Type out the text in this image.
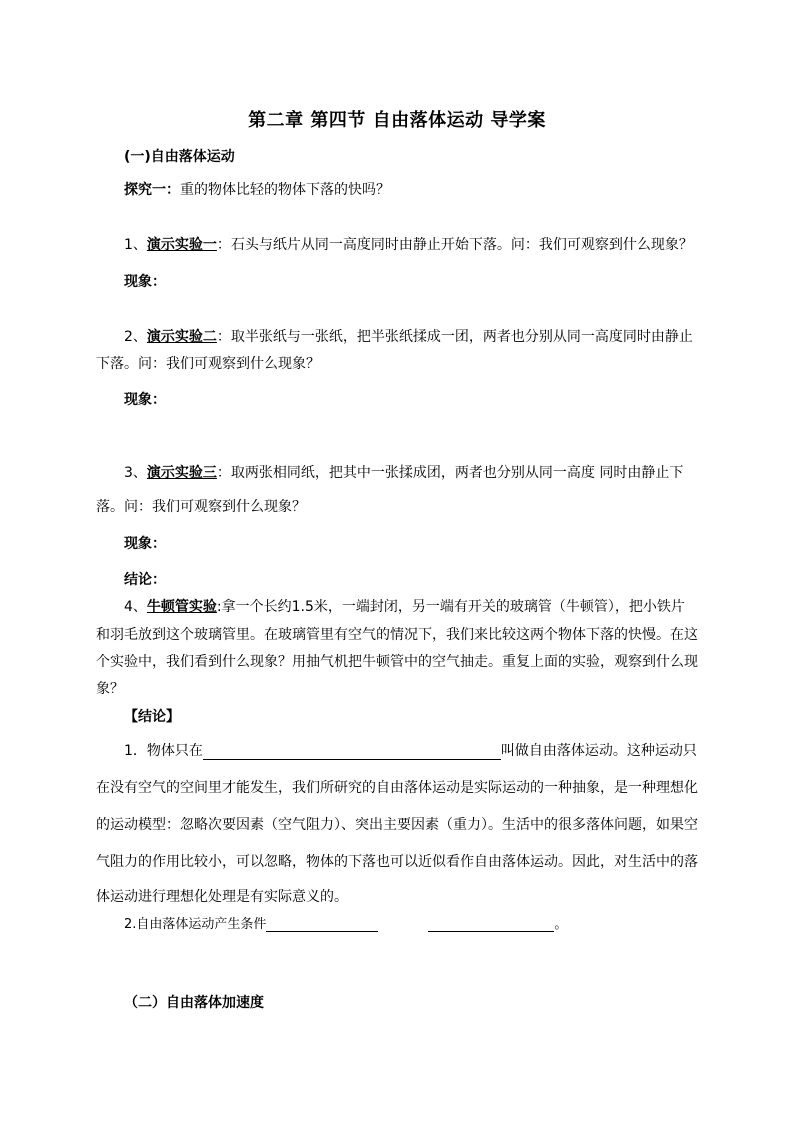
第二章 第四节 自由落体运动 导学案
(一)自由落体运动
探究一：重的物体比轻的物体下落的快吗？
1、演示实验一：石头与纸片从同一高度同时由静止开始下落。问：我们可观察到什么现象？
现象：
2、演示实验二：取半张纸与一张纸，把半张纸揉成一团，两者也分别从同一高度同时由静止
下落。问：我们可观察到什么现象？
现象：
3、演示实验三：取两张相同纸，把其中一张揉成团，两者也分别从同一高度 同时由静止下
落。问：我们可观察到什么现象？
现象：
结论：
4、牛顿管实验:拿一个长约1.5米，一端封闭，另一端有开关的玻璃管（牛顿管），把小铁片
和羽毛放到这个玻璃管里。在玻璃管里有空气的情况下，我们来比较这两个物体下落的快慢。在这
个实验中，我们看到什么现象？用抽气机把牛顿管中的空气抽走。重复上面的实验，观察到什么现
象？
【结论】
1．物体只在	叫做自由落体运动。这种运动只
在没有空气的空间里才能发生，我们所研究的自由落体运动是实际运动的一种抽象，是一种理想化
的运动模型：忽略次要因素（空气阻力）、突出主要因素（重力）。生活中的很多落体问题，如果空
气阻力的作用比较小，可以忽略，物体的下落也可以近似看作自由落体运动。因此，对生活中的落
体运动进行理想化处理是有实际意义的。
2.自由落体运动产生条件	。
（二）自由落体加速度
